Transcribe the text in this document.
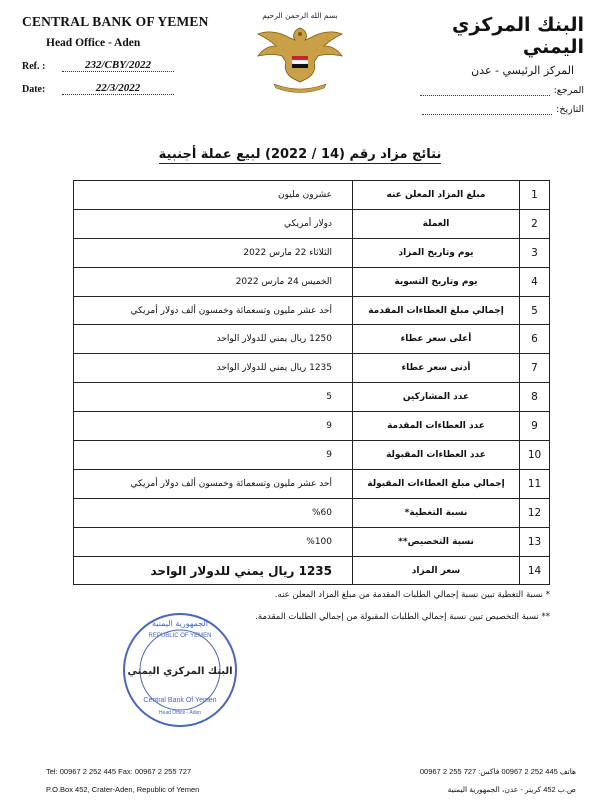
CENTRAL BANK OF YEMEN
Head Office - Aden
Ref. :	232/CBY/2022
Date:	22/3/2022
بسم الله الرحمن الرحيم	البنك المركزي اليمني
المركز الرئيسي - عدن
المرجع:
التاريخ:
نتائج مزاد رقم (14 / 2022) لبيع عملة أجنبية
1	مبلغ المزاد المعلن عنه	عشرون مليون
2	العملة	دولار أمريكي
3	يوم وتاريخ المزاد	الثلاثاء 22 مارس 2022
4	يوم وتاريخ التسوية	الخميس 24 مارس 2022
5	إجمالي مبلغ العطاءات المقدمة	أحد عشر مليون وتسعمائة وخمسون ألف دولار أمريكي
6	أعلى سعر عطاء	1250 ريال يمني للدولار الواحد
7	أدنى سعر عطاء	1235 ريال يمني للدولار الواحد
8	عدد المشاركين	5
9	عدد العطاءات المقدمة	9
10	عدد العطاءات المقبولة	9
11	إجمالي مبلغ العطاءات المقبولة	أحد عشر مليون وتسعمائة وخمسون ألف دولار أمريكي
12	نسبة التغطية*	%60
13	نسبة التخصيص**	%100
14	سعر المزاد	1235 ريال يمني للدولار الواحد
* نسبة التغطية تبين نسبة إجمالي الطلبات المقدمة من مبلغ المزاد المعلن عنه.
** نسبة التخصيص تبين نسبة إجمالي الطلبات المقبولة من إجمالي الطلبات المقدمة.
الجمهورية اليمنية
REPUBLIC OF YEMEN
البنك المركزي اليمني
Central Bank Of Yemen
Head Office - Aden
Tel: 00967 2 252 445 Fax: 00967 2 255 727
P.O.Box 452, Crater-Aden, Republic of Yemen
هاتف 445 252 2 00967 فاكس: 727 255 2 00967
ص.ب 452 كريتر - عدن، الجمهورية اليمنية
